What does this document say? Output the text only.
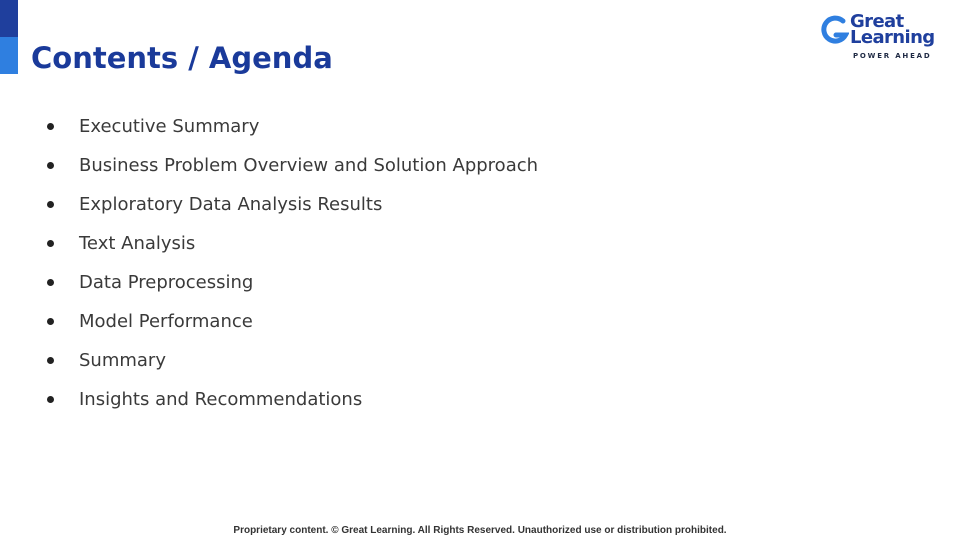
Contents / Agenda
Great
Learning
POWER AHEAD
Executive Summary
Business Problem Overview and Solution Approach
Exploratory Data Analysis Results
Text Analysis
Data Preprocessing
Model Performance
Summary
Insights and Recommendations
Proprietary content. © Great Learning. All Rights Reserved. Unauthorized use or distribution prohibited.
